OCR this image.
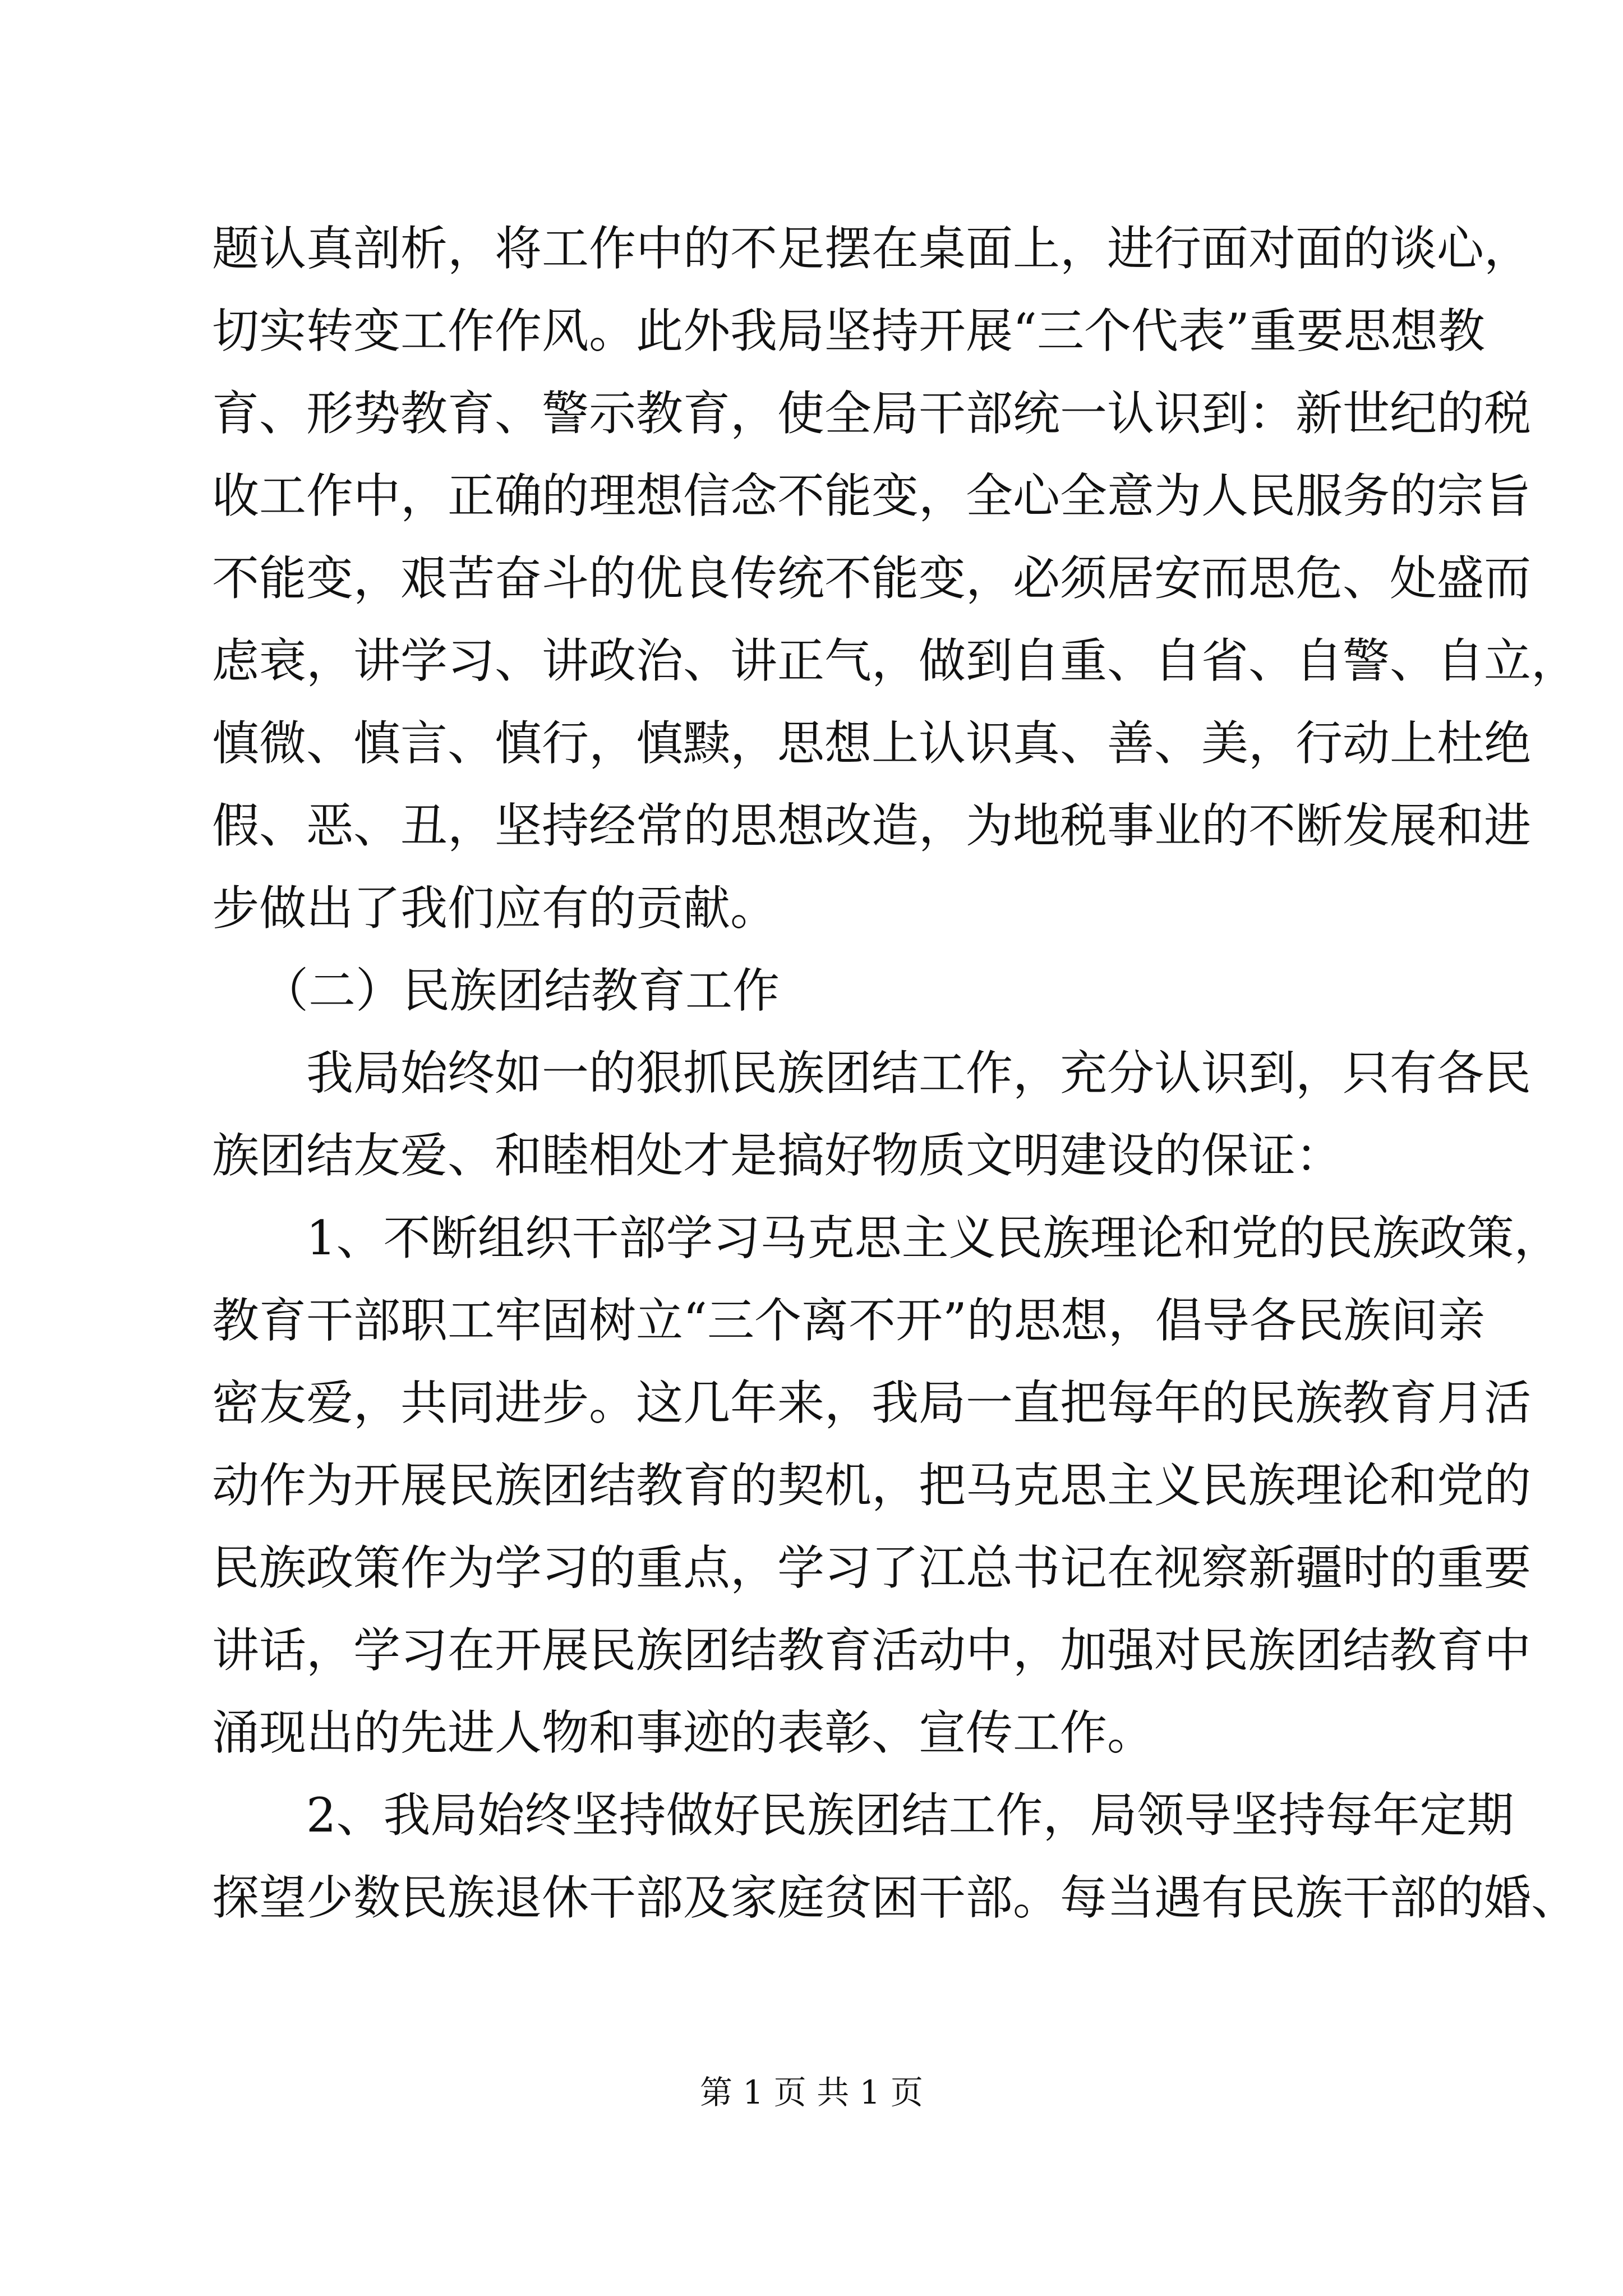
题认真剖析，将工作中的不足摆在桌面上，进行面对面的谈心，
切实转变工作作风。此外我局坚持开展“三个代表”重要思想教
育、形势教育、警示教育，使全局干部统一认识到：新世纪的税
收工作中，正确的理想信念不能变，全心全意为人民服务的宗旨
不能变，艰苦奋斗的优良传统不能变，必须居安而思危、处盛而
虑衰，讲学习、讲政治、讲正气，做到自重、自省、自警、自立，
慎微、慎言、慎行，慎黩，思想上认识真、善、美，行动上杜绝
假、恶、丑，坚持经常的思想改造，为地税事业的不断发展和进
步做出了我们应有的贡献。
（二）民族团结教育工作
我局始终如一的狠抓民族团结工作，充分认识到，只有各民
族团结友爱、和睦相处才是搞好物质文明建设的保证：
1、不断组织干部学习马克思主义民族理论和党的民族政策，
教育干部职工牢固树立“三个离不开”的思想，倡导各民族间亲
密友爱，共同进步。这几年来，我局一直把每年的民族教育月活
动作为开展民族团结教育的契机，把马克思主义民族理论和党的
民族政策作为学习的重点，学习了江总书记在视察新疆时的重要
讲话，学习在开展民族团结教育活动中，加强对民族团结教育中
涌现出的先进人物和事迹的表彰、宣传工作。
2、我局始终坚持做好民族团结工作，局领导坚持每年定期
探望少数民族退休干部及家庭贫困干部。每当遇有民族干部的婚、
第 1 页 共 1 页
